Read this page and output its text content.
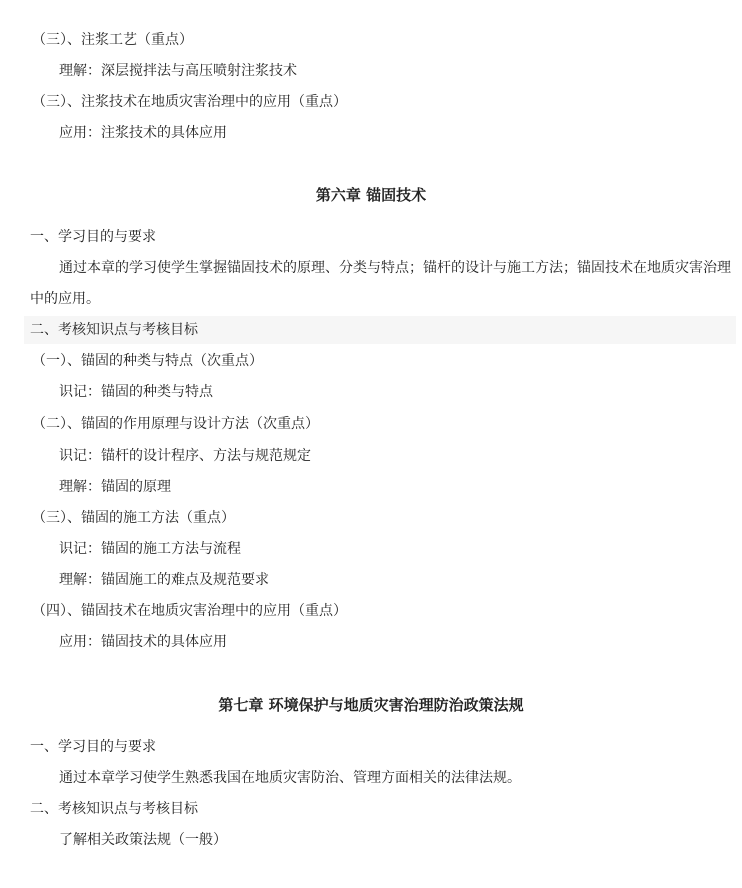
（三）、注浆工艺（重点）
理解：深层搅拌法与高压喷射注浆技术
（三）、注浆技术在地质灾害治理中的应用（重点）
应用：注浆技术的具体应用
第六章 锚固技术
一、学习目的与要求
通过本章的学习使学生掌握锚固技术的原理、分类与特点；锚杆的设计与施工方法；锚固技术在地质灾害治理
中的应用。
二、考核知识点与考核目标
（一）、锚固的种类与特点（次重点）
识记：锚固的种类与特点
（二）、锚固的作用原理与设计方法（次重点）
识记：锚杆的设计程序、方法与规范规定
理解：锚固的原理
（三）、锚固的施工方法（重点）
识记：锚固的施工方法与流程
理解：锚固施工的难点及规范要求
（四）、锚固技术在地质灾害治理中的应用（重点）
应用：锚固技术的具体应用
第七章 环境保护与地质灾害治理防治政策法规
一、学习目的与要求
通过本章学习使学生熟悉我国在地质灾害防治、管理方面相关的法律法规。
二、考核知识点与考核目标
了解相关政策法规（一般）
